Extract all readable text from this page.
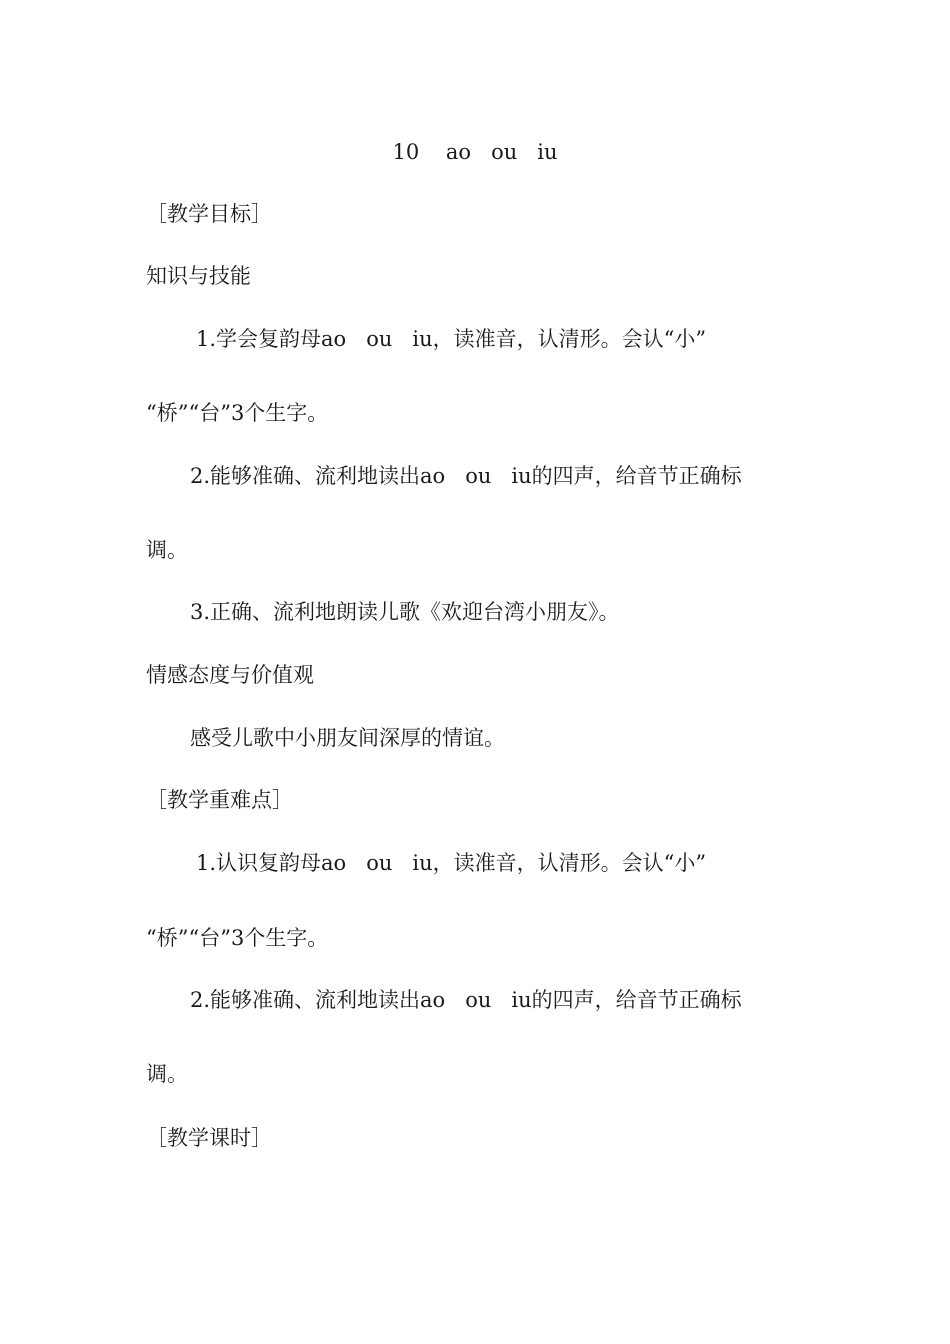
10    ao   ou   iu

［教学目标］

知识与技能

1.学会复韵母ao   ou   iu，读准音，认清形。会认“小”

“桥”“台”3个生字。

2.能够准确、流利地读出ao   ou   iu的四声，给音节正确标

调。

3.正确、流利地朗读儿歌《欢迎台湾小朋友》。

情感态度与价值观

感受儿歌中小朋友间深厚的情谊。

［教学重难点］

1.认识复韵母ao   ou   iu，读准音，认清形。会认“小”

“桥”“台”3个生字。

2.能够准确、流利地读出ao   ou   iu的四声，给音节正确标

调。

［教学课时］
